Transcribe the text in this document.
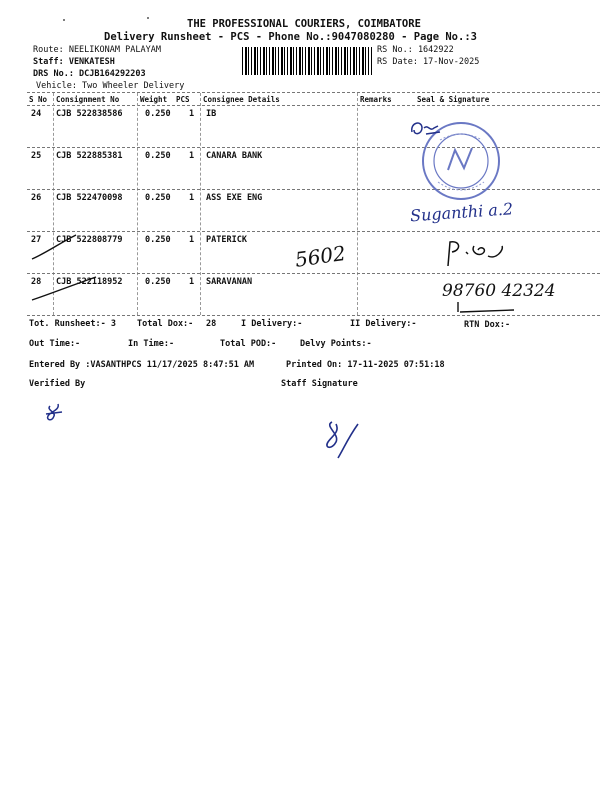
THE PROFESSIONAL COURIERS, COIMBATORE
Delivery Runsheet - PCS - Phone No.:9047080280 - Page No.:3
Route: NEELIKONAM PALAYAM
Staff: VENKATESH
DRS No.: DCJB164292203
Vehicle: Two Wheeler Delivery
RS No.: 1642922
RS Date: 17-Nov-2025
S No Consignment No	Weight PCS Consignee Details	Remarks	Seal & Signature
24 CJB 522838586	0.250 1 IB
25 CJB 522885381	0.250 1 CANARA BANK
26 CJB 522470098	0.250 1 ASS EXE ENG
27 CJB 522808779	0.250 1 PATERICK
28 CJB 522118952	0.250 1 SARAVANAN
Tot. Runsheet:- 3 Total Dox:- 28	I Delivery:-	II Delivery:-	RTN Dox:-
Out Time:-	In Time:-	Total POD:-	Delvy Points:-
Entered By :VASANTHPCS 11/17/2025 8:47:51 AM	Printed On: 17-11-2025 07:51:18
Verified By	Staff Signature
5602
Suganthi a.2
98760 42324
